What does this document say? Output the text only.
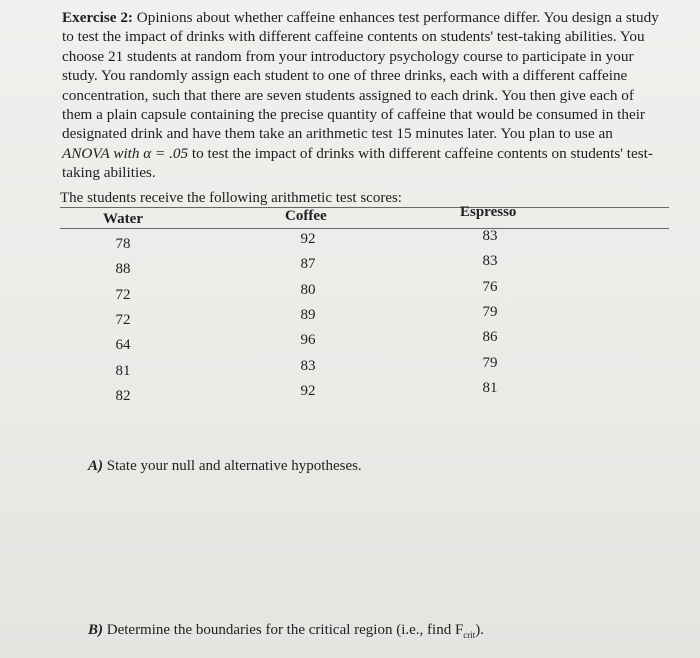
Exercise 2: Opinions about whether caffeine enhances test performance differ. You design a study to test the impact of drinks with different caffeine contents on students' test-taking abilities. You choose 21 students at random from your introductory psychology course to participate in your study. You randomly assign each student to one of three drinks, each with a different caffeine concentration, such that there are seven students assigned to each drink. You then give each of them a plain capsule containing the precise quantity of caffeine that would be consumed in their designated drink and have them take an arithmetic test 15 minutes later. You plan to use an ANOVA with α = .05 to test the impact of drinks with different caffeine contents on students' test-taking abilities.

The students receive the following arithmetic test scores:
Water	Coffee	Espresso
78	92	83
88	87	83
72	80	76
72	89	79
64	96	86
81	83	79
82	92	81
A) State your null and alternative hypotheses.
B) Determine the boundaries for the critical region (i.e., find $F_{crit}$).
